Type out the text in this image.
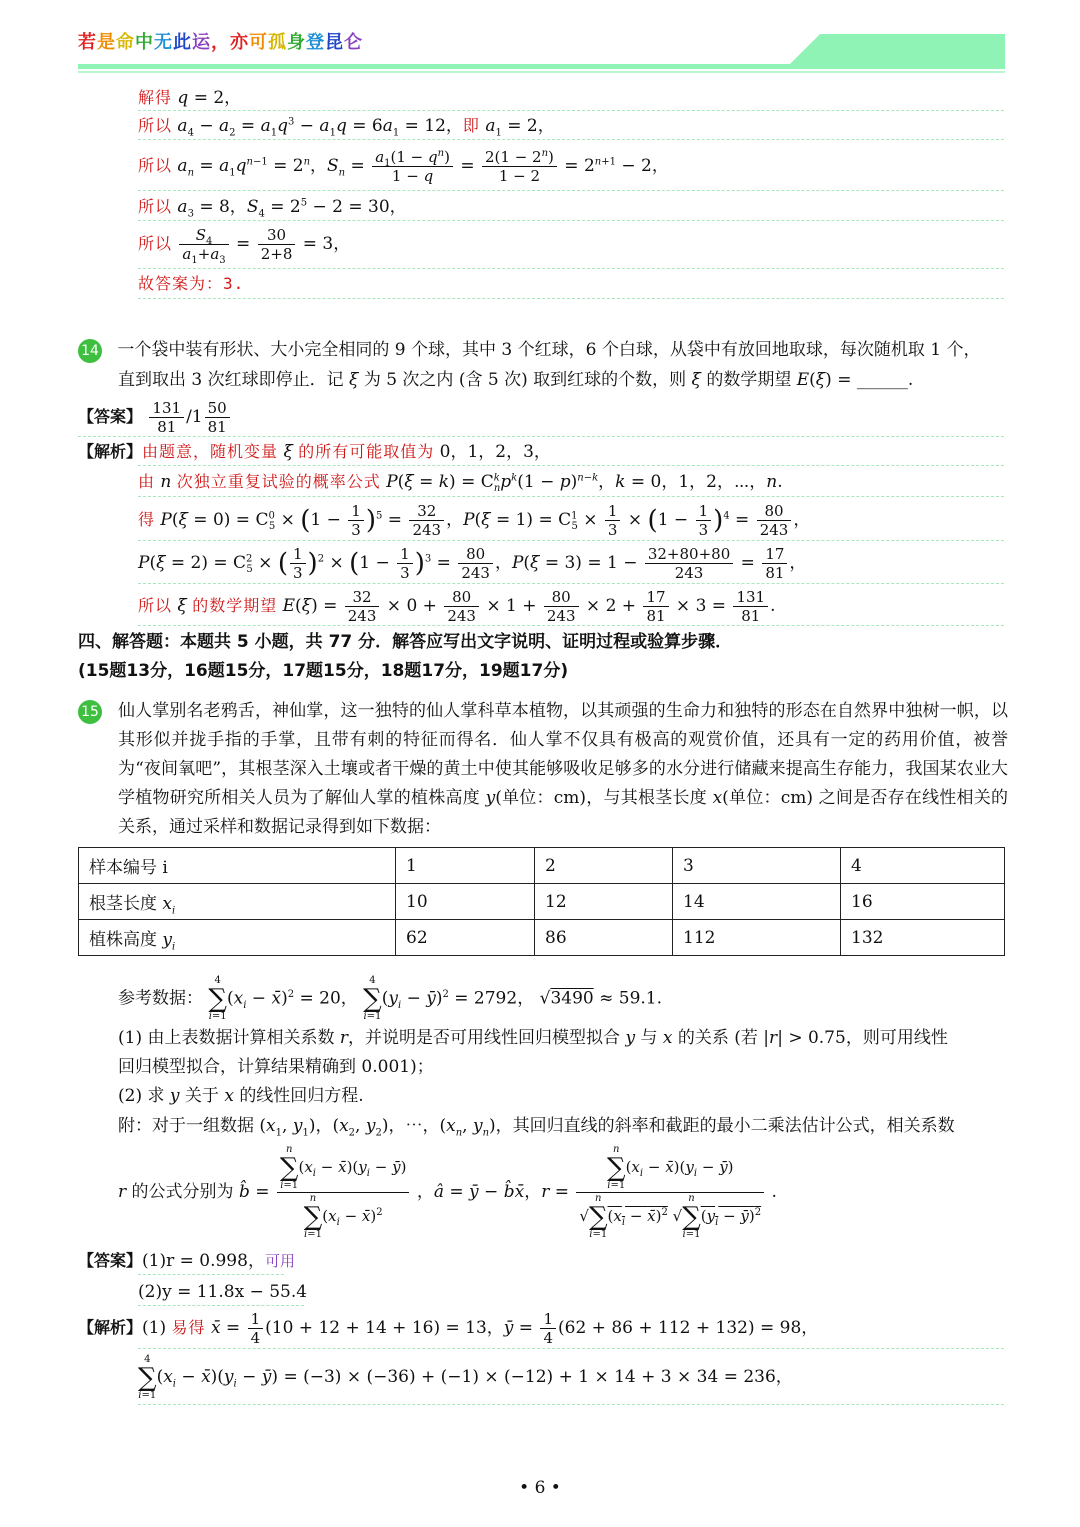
若是命中无此运，亦可孤身登昆仑
解得 q = 2，
所以 $a_4 - a_2 = a_1q^3 - a_1q = 6a_1 = 12$，即 $a_1 = 2$，
所以 $a_n = a_1q^{n-1} = 2^n$，$S_n = \frac{a_1(1 - q^n)}{1 - q} = \frac{2(1 - 2^n)}{1 - 2} = 2^{n+1} - 2$，
所以 $a_3 = 8$，$S_4 = 2^5 - 2 = 30$，
所以 $\frac{S_4}{a_1+a_3} = \frac{30}{2+8} = 3$，
故答案为：3.
14 一个袋中装有形状、大小完全相同的 9 个球，其中 3 个红球，6 个白球，从袋中有放回地取球，每次随机取 1 个，
直到取出 3 次红球即停止．记 ξ 为 5 次之内 (含 5 次) 取到红球的个数，则 ξ 的数学期望 E(ξ) = ______.
【答案】 $\frac{131}{81} /1 \frac{50}{81}$
【解析】由题意，随机变量 ξ 的所有可能取值为 0，1，2，3，
由 n 次独立重复试验的概率公式 $P(\xi = k) = C^k_np^k(1 - p)^{n-k}$，k = 0，1，2，⋯，n.
得 $P(\xi = 0) = C^0_5 \times (1 - \frac{1}{3} )^5 = \frac{32}{243}$ ，$P(\xi = 1) = C^1_5 \times \frac{1}{3} \times (1 - \frac{1}{3} )^4 = \frac{80}{243}$ ，
$P(\xi = 2) = C^2_5$ × ( $\frac{1}{3} )^2 \times (1 - \frac{1}{3} )^3 = \frac{80}{243}$ ，$P(\xi = 3) = 1 - \frac{32+80+80}{243} = \frac{17}{81}$ ，
所以 ξ 的数学期望 $E(\xi) = \frac{32}{243} \times 0 + \frac{80}{243} \times 1 + \frac{80}{243} \times 2 + \frac{17}{81} \times 3 = \frac{131}{81}$ .
四、解答题：本题共 5 小题，共 77 分．解答应写出文字说明、证明过程或验算步骤．
(15题13分，16题15分，17题15分，18题17分，19题17分)
15 仙人掌别名老鸦舌，神仙掌，这一独特的仙人掌科草本植物，以其顽强的生命力和独特的形态在自然界中独树一帜，以其形似并拢手指的手掌，且带有刺的特征而得名．仙人掌不仅具有极高的观赏价值，还具有一定的药用价值，被誉为“夜间氧吧”，其根茎深入土壤或者干燥的黄土中使其能够吸收足够多的水分进行储藏来提高生存能力，我国某农业大学植物研究所相关人员为了解仙人掌的植株高度 y(单位：cm)，与其根茎长度 x(单位：cm) 之间是否存在线性相关的关系，通过采样和数据记录得到如下数据：
样本编号 i	1	2	3	4
根茎长度 $x_i$	10	12	14	16
植株高度 $y_i$	62	86	112	132
参考数据：
4
∑
i=1
($x_i$ − x̄)$^2$ = 20，
4
∑
i=1
($y_i$ − ȳ)$^2$ = 2792， √3490 ≈ 59.1.
(1) 由上表数据计算相关系数 r，并说明是否可用线性回归模型拟合 y 与 x 的关系 (若 |r| > 0.75，则可用线性
回归模型拟合，计算结果精确到 0.001)；
(2) 求 y 关于 x 的线性回归方程.
附：对于一组数据 ($x_1$, $y_1$)，($x_2$, $y_2$)，⋯，($x_n$, $y_n$)，其回归直线的斜率和截距的最小二乘法估计公式，相关系数
r 的公式分别为 b̂ = n
∑
i=1
($x_i$ − $x̄)(y_i$ − ȳ)
n
∑
i=1
($x_i$ − x̄)$^2$ ，â = ȳ − b̂x̄，r = n
∑
i=1
($x_i$ − $x̄)(y_i$ − ȳ)
√
n
∑
i=1
($x_i$ − x̄)$^2$ √
n
∑
i=1
($y_i$ − ȳ)$^2$ .
【答案】(1)r = 0.998，可用
(2)y = 11.8x − 55.4
【解析】(1) 易得 x̄ = $\frac{1}{4} (10 + 12 + 14 + 16) = 13$，ȳ = $\frac{1}{4} (62 + 86 + 112 + 132) = 98$，
4
∑
i=1
($x_i$ − $x̄)(y_i$ − ȳ) = (−3) × (−36) + (−1) × (−12) + 1 × 14 + 3 × 34 = 236，
• 6 •
